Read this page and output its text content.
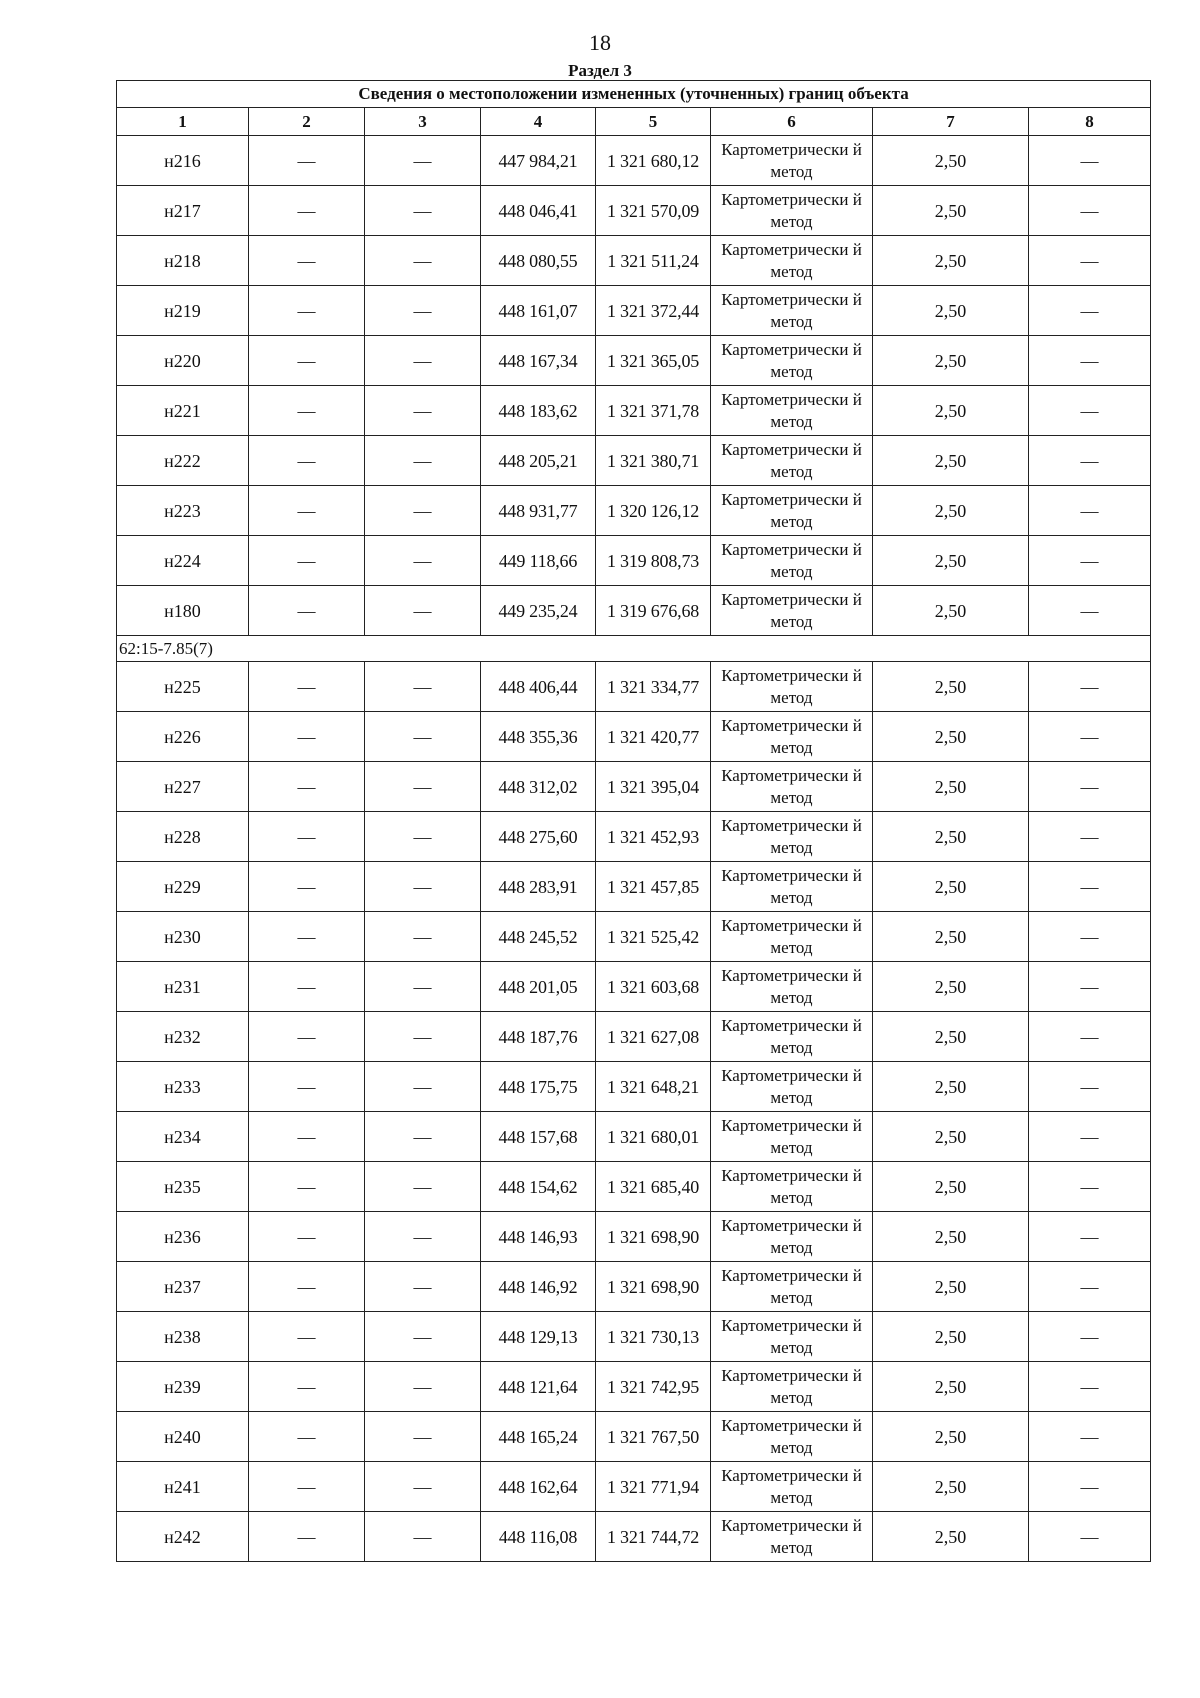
18
Раздел 3
Сведения о местоположении измененных (уточненных) границ объекта							
1	2	3	4	5	6	7	8
н216	—	—	447 984,21	1 321 680,12	Картометрически й метод	2,50	—
н217	—	—	448 046,41	1 321 570,09	Картометрически й метод	2,50	—
н218	—	—	448 080,55	1 321 511,24	Картометрически й метод	2,50	—
н219	—	—	448 161,07	1 321 372,44	Картометрически й метод	2,50	—
н220	—	—	448 167,34	1 321 365,05	Картометрически й метод	2,50	—
н221	—	—	448 183,62	1 321 371,78	Картометрически й метод	2,50	—
н222	—	—	448 205,21	1 321 380,71	Картометрически й метод	2,50	—
н223	—	—	448 931,77	1 320 126,12	Картометрически й метод	2,50	—
н224	—	—	449 118,66	1 319 808,73	Картометрически й метод	2,50	—
н180	—	—	449 235,24	1 319 676,68	Картометрически й метод	2,50	—
62:15-7.85(7)							
н225	—	—	448 406,44	1 321 334,77	Картометрически й метод	2,50	—
н226	—	—	448 355,36	1 321 420,77	Картометрически й метод	2,50	—
н227	—	—	448 312,02	1 321 395,04	Картометрически й метод	2,50	—
н228	—	—	448 275,60	1 321 452,93	Картометрически й метод	2,50	—
н229	—	—	448 283,91	1 321 457,85	Картометрически й метод	2,50	—
н230	—	—	448 245,52	1 321 525,42	Картометрически й метод	2,50	—
н231	—	—	448 201,05	1 321 603,68	Картометрически й метод	2,50	—
н232	—	—	448 187,76	1 321 627,08	Картометрически й метод	2,50	—
н233	—	—	448 175,75	1 321 648,21	Картометрически й метод	2,50	—
н234	—	—	448 157,68	1 321 680,01	Картометрически й метод	2,50	—
н235	—	—	448 154,62	1 321 685,40	Картометрически й метод	2,50	—
н236	—	—	448 146,93	1 321 698,90	Картометрически й метод	2,50	—
н237	—	—	448 146,92	1 321 698,90	Картометрически й метод	2,50	—
н238	—	—	448 129,13	1 321 730,13	Картометрически й метод	2,50	—
н239	—	—	448 121,64	1 321 742,95	Картометрически й метод	2,50	—
н240	—	—	448 165,24	1 321 767,50	Картометрически й метод	2,50	—
н241	—	—	448 162,64	1 321 771,94	Картометрически й метод	2,50	—
н242	—	—	448 116,08	1 321 744,72	Картометрически й метод	2,50	—
